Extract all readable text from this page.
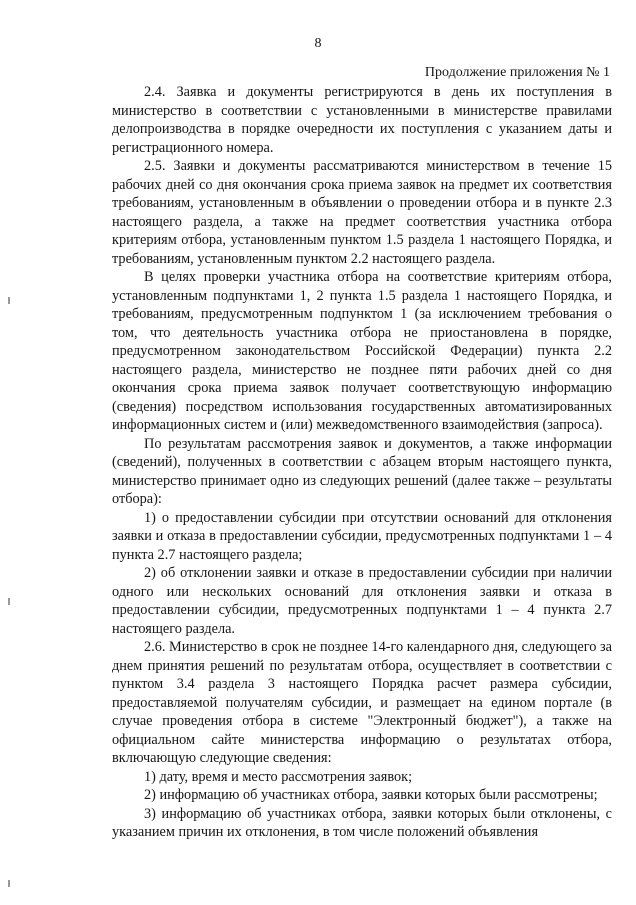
8
Продолжение приложения № 1

2.4. Заявка и документы регистрируются в день их поступления в министерство в соответствии с установленными в министерстве правилами делопроизводства в порядке очередности их поступления с указанием даты и регистрационного номера.

2.5. Заявки и документы рассматриваются министерством в течение 15 рабочих дней со дня окончания срока приема заявок на предмет их соответствия требованиям, установленным в объявлении о проведении отбора и в пункте 2.3 настоящего раздела, а также на предмет соответствия участника отбора критериям отбора, установленным пунктом 1.5 раздела 1 настоящего Порядка, и требованиям, установленным пунктом 2.2 настоящего раздела.

В целях проверки участника отбора на соответствие критериям отбора, установленным подпунктами 1, 2 пункта 1.5 раздела 1 настоящего Порядка, и требованиям, предусмотренным подпунктом 1 (за исключением требования о том, что деятельность участника отбора не приостановлена в порядке, предусмотренном законодательством Российской Федерации) пункта 2.2 настоящего раздела, министерство не позднее пяти рабочих дней со дня окончания срока приема заявок получает соответствующую информацию (сведения) посредством использования государственных автоматизированных информационных систем и (или) межведомственного взаимодействия (запроса).

По результатам рассмотрения заявок и документов, а также информации (сведений), полученных в соответствии с абзацем вторым настоящего пункта, министерство принимает одно из следующих решений (далее также – результаты отбора):

1) о предоставлении субсидии при отсутствии оснований для отклонения заявки и отказа в предоставлении субсидии, предусмотренных подпунктами 1 – 4 пункта 2.7 настоящего раздела;

2) об отклонении заявки и отказе в предоставлении субсидии при наличии одного или нескольких оснований для отклонения заявки и отказа в предоставлении субсидии, предусмотренных подпунктами 1 – 4 пункта 2.7 настоящего раздела.

2.6. Министерство в срок не позднее 14-го календарного дня, следующего за днем принятия решений по результатам отбора, осуществляет в соответствии с пунктом 3.4 раздела 3 настоящего Порядка расчет размера субсидии, предоставляемой получателям субсидии, и размещает на едином портале (в случае проведения отбора в системе "Электронный бюджет"), а также на официальном сайте министерства информацию о результатах отбора, включающую следующие сведения:

1) дату, время и место рассмотрения заявок;

2) информацию об участниках отбора, заявки которых были рассмотрены;

3) информацию об участниках отбора, заявки которых были отклонены, с указанием причин их отклонения, в том числе положений объявления
